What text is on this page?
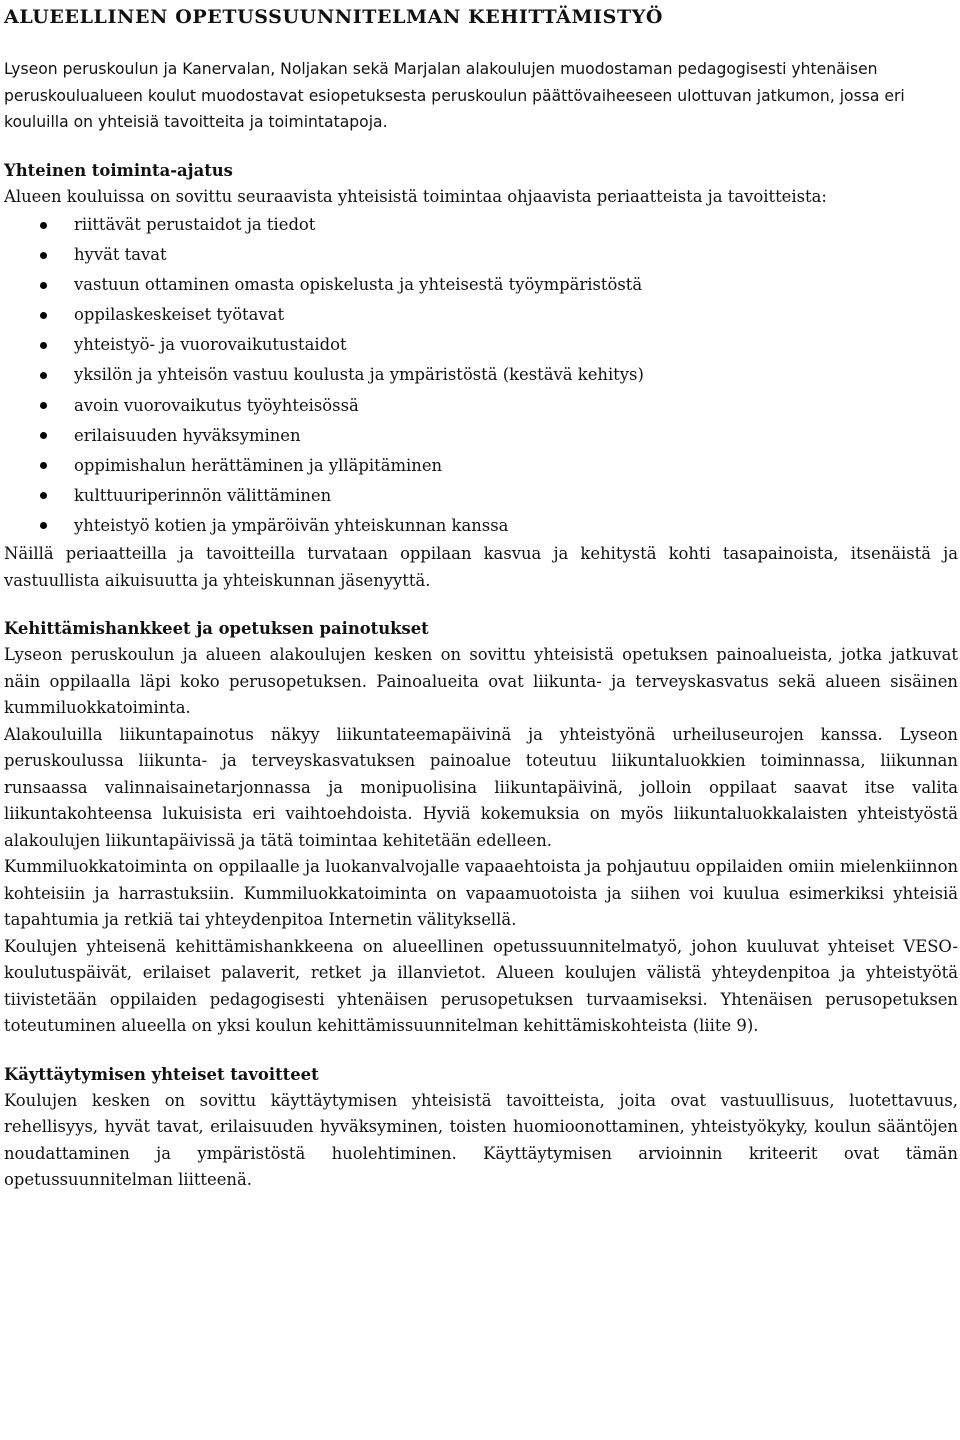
ALUEELLINEN OPETUSSUUNNITELMAN KEHITTÄMISTYÖ

Lyseon peruskoulun ja Kanervalan, Noljakan sekä Marjalan alakoulujen muodostaman pedagogisesti yhtenäisen peruskoulualueen koulut muodostavat esiopetuksesta peruskoulun päättövaiheeseen ulottuvan jatkumon, jossa eri kouluilla on yhteisiä tavoitteita ja toimintatapoja.

Yhteinen toiminta-ajatus

Alueen kouluissa on sovittu seuraavista yhteisistä toimintaa ohjaavista periaatteista ja tavoitteista:

riittävät perustaidot ja tiedot
hyvät tavat
vastuun ottaminen omasta opiskelusta ja yhteisestä työympäristöstä
oppilaskeskeiset työtavat
yhteistyö- ja vuorovaikutustaidot
yksilön ja yhteisön vastuu koulusta ja ympäristöstä (kestävä kehitys)
avoin vuorovaikutus työyhteisössä
erilaisuuden hyväksyminen
oppimishalun herättäminen ja ylläpitäminen
kulttuuriperinnön välittäminen
yhteistyö kotien ja ympäröivän yhteiskunnan kanssa

Näillä periaatteilla ja tavoitteilla turvataan oppilaan kasvua ja kehitystä kohti tasapainoista, itsenäistä ja vastuullista aikuisuutta ja yhteiskunnan jäsenyyttä.

Kehittämishankkeet ja opetuksen painotukset

Lyseon peruskoulun ja alueen alakoulujen kesken on sovittu yhteisistä opetuksen painoalueista, jotka jatkuvat näin oppilaalla läpi koko perusopetuksen. Painoalueita ovat liikunta- ja terveyskasvatus sekä alueen sisäinen kummiluokkatoiminta.

Alakouluilla liikuntapainotus näkyy liikuntateemapäivinä ja yhteistyönä urheiluseurojen kanssa. Lyseon peruskoulussa liikunta- ja terveyskasvatuksen painoalue toteutuu liikuntaluokkien toiminnassa, liikunnan runsaassa valinnaisainetarjonnassa ja monipuolisina liikuntapäivinä, jolloin oppilaat saavat itse valita liikuntakohteensa lukuisista eri vaihtoehdoista. Hyviä kokemuksia on myös liikuntaluokkalaisten yhteistyöstä alakoulujen liikuntapäivissä ja tätä toimintaa kehitetään edelleen.

Kummiluokkatoiminta on oppilaalle ja luokanvalvojalle vapaaehtoista ja pohjautuu oppilaiden omiin mielenkiinnon kohteisiin ja harrastuksiin. Kummiluokkatoiminta on vapaamuotoista ja siihen voi kuulua esimerkiksi yhteisiä tapahtumia ja retkiä tai yhteydenpitoa Internetin välityksellä.

Koulujen yhteisenä kehittämishankkeena on alueellinen opetussuunnitelmatyö, johon kuuluvat yhteiset VESO-koulutuspäivät, erilaiset palaverit, retket ja illanvietot. Alueen koulujen välistä yhteydenpitoa ja yhteistyötä tiivistetään oppilaiden pedagogisesti yhtenäisen perusopetuksen turvaamiseksi. Yhtenäisen perusopetuksen toteutuminen alueella on yksi koulun kehittämissuunnitelman kehittämiskohteista (liite 9).

Käyttäytymisen yhteiset tavoitteet

Koulujen kesken on sovittu käyttäytymisen yhteisistä tavoitteista, joita ovat vastuullisuus, luotettavuus, rehellisyys, hyvät tavat, erilaisuuden hyväksyminen, toisten huomioonottaminen, yhteistyökyky, koulun sääntöjen noudattaminen ja ympäristöstä huolehtiminen. Käyttäytymisen arvioinnin kriteerit ovat tämän opetussuunnitelman liitteenä.
